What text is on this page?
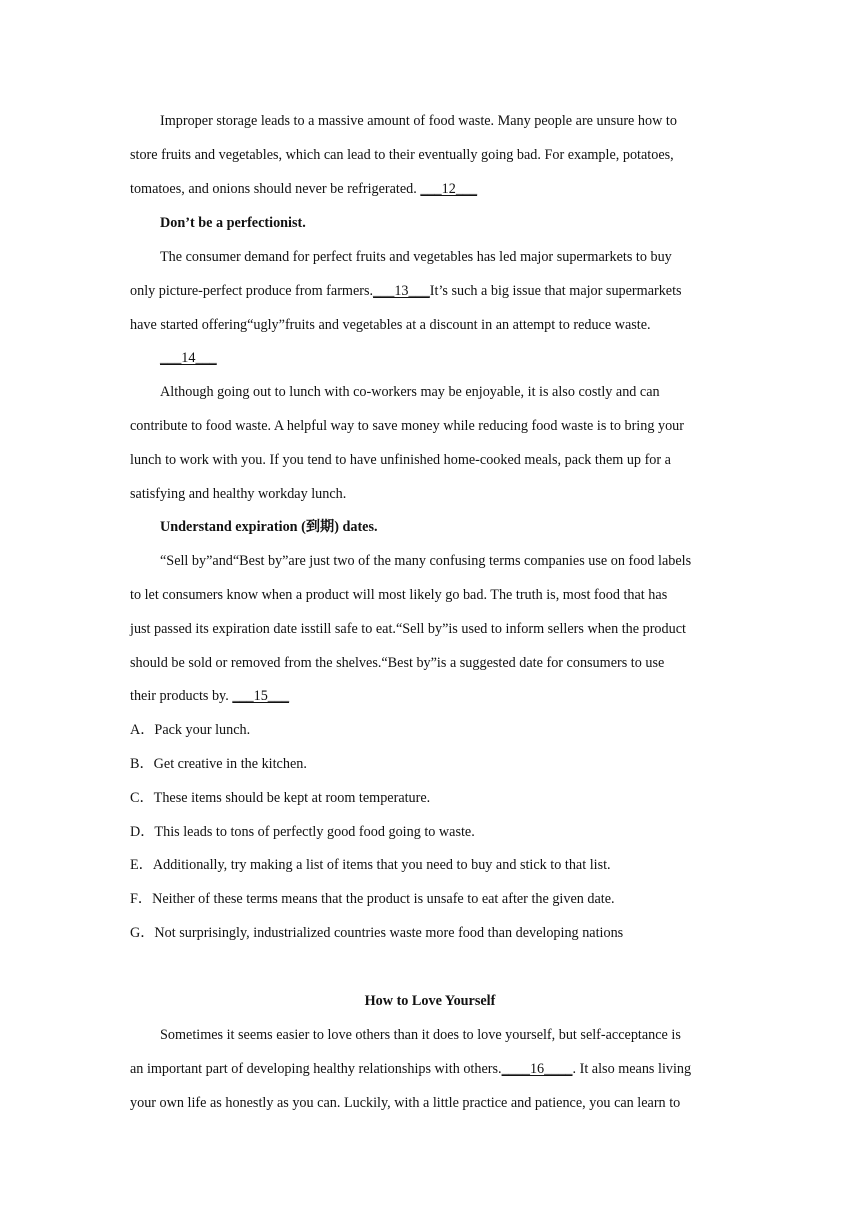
Improper storage leads to a massive amount of food waste. Many people are unsure how to
store fruits and vegetables, which can lead to their eventually going bad. For example, potatoes,
tomatoes, and onions should never be refrigerated. ___12___
Don’t be a perfectionist.
The consumer demand for perfect fruits and vegetables has led major supermarkets to buy
only picture-perfect produce from farmers.___13___It’s such a big issue that major supermarkets
have started offering“ugly”fruits and vegetables at a discount in an attempt to reduce waste.
___14___
Although going out to lunch with co-workers may be enjoyable, it is also costly and can
contribute to food waste. A helpful way to save money while reducing food waste is to bring your
lunch to work with you. If you tend to have unfinished home-cooked meals, pack them up for a
satisfying and healthy workday lunch.
Understand expiration (到期) dates.
“Sell by”and“Best by”are just two of the many confusing terms companies use on food labels
to let consumers know when a product will most likely go bad. The truth is, most food that has
just passed its expiration date isstill safe to eat.“Sell by”is used to inform sellers when the product
should be sold or removed from the shelves.“Best by”is a suggested date for consumers to use
their products by. ___15___
A．Pack your lunch.
B．Get creative in the kitchen.
C．These items should be kept at room temperature.
D．This leads to tons of perfectly good food going to waste.
E．Additionally, try making a list of items that you need to buy and stick to that list.
F．Neither of these terms means that the product is unsafe to eat after the given date.
G．Not surprisingly, industrialized countries waste more food than developing nations
How to Love Yourself
Sometimes it seems easier to love others than it does to love yourself, but self-acceptance is
an important part of developing healthy relationships with others.____16____. It also means living
your own life as honestly as you can. Luckily, with a little practice and patience, you can learn to
